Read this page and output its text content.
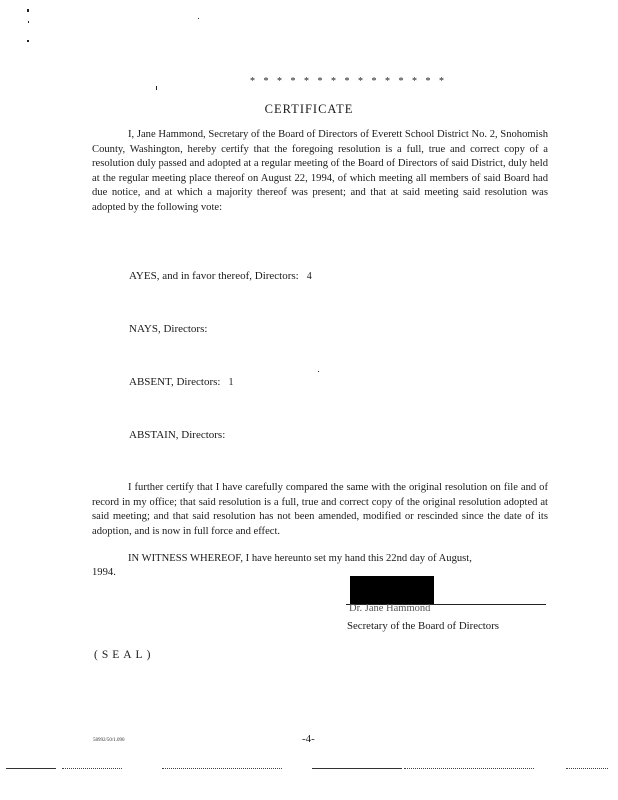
* * * * * * * * * * * * * * *
CERTIFICATE
I, Jane Hammond, Secretary of the Board of Directors of Everett School District No. 2, Snohomish County, Washington, hereby certify that the foregoing resolution is a full, true and correct copy of a resolution duly passed and adopted at a regular meeting of the Board of Directors of said District, duly held at the regular meeting place thereof on August 22, 1994, of which meeting all members of said Board had due notice, and at which a majority thereof was present; and that at said meeting said resolution was adopted by the following vote:
AYES, and in favor thereof, Directors: 4
NAYS, Directors:
ABSENT, Directors: 1
ABSTAIN, Directors:
I further certify that I have carefully compared the same with the original resolution on file and of record in my office; that said resolution is a full, true and correct copy of the original resolution adopted at said meeting; and that said resolution has not been amended, modified or rescinded since the date of its adoption, and is now in full force and effect.
IN WITNESS WHEREOF, I have hereunto set my hand this 22nd day of August,
1994.
Dr. Jane Hammond
Secretary of the Board of Directors
(SEAL)
58992/50/1.090	-4-
